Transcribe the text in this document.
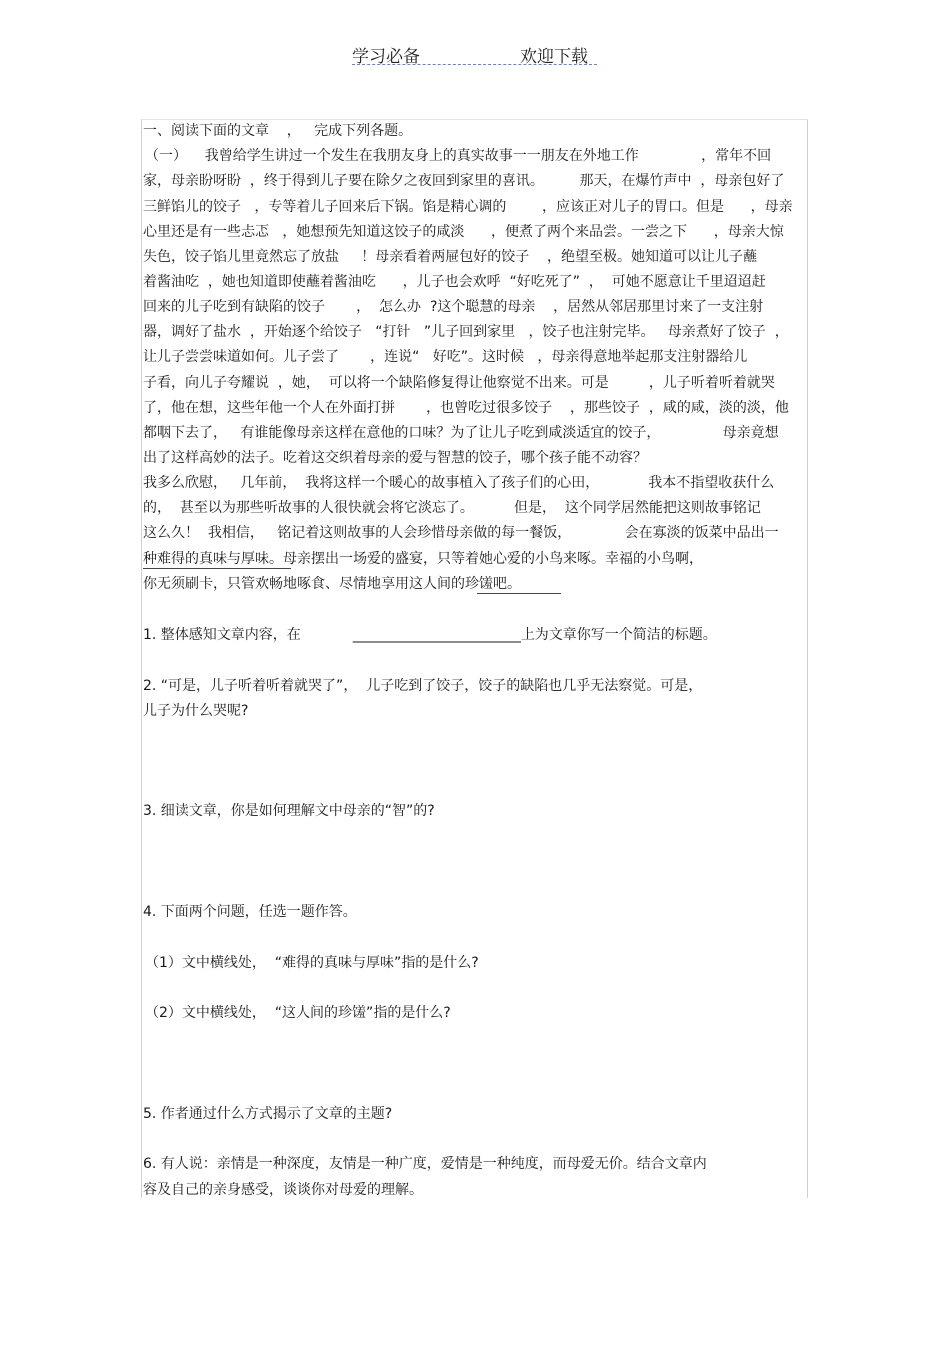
学习必备	欢迎下载
一、阅读下面的文章    ，   完成下列各题。
（一）    我曾给学生讲过一个发生在我朋友身上的真实故事一一朋友在外地工作              ，常年不回
家，母亲盼呀盼  ，终于得到儿子要在除夕之夜回到家里的喜讯。        那天，在爆竹声中  ，母亲包好了
三鲜馅儿的饺子   ，专等着儿子回来后下锅。馅是精心调的        ，应该正对儿子的胃口。但是      ，母亲
心里还是有一些忐忑   ，她想预先知道这饺子的咸淡      ，便煮了两个来品尝。一尝之下      ，母亲大惊
失色，饺子馅儿里竟然忘了放盐     ！母亲看着两屉包好的饺子    ，绝望至极。她知道可以让儿子蘸
着酱油吃  ，她也知道即使蘸着酱油吃      ，儿子也会欢呼  “好吃死了”  ，  可她不愿意让千里迢迢赶
回来的儿子吃到有缺陷的饺子       ，  怎么办  ?这个聪慧的母亲    ，居然从邻居那里讨来了一支注射
器，调好了盐水  ，开始逐个给饺子   “打针   ”儿子回到家里   ，饺子也注射完毕。   母亲煮好了饺子  ，
让儿子尝尝味道如何。儿子尝了       ，连说“   好吃”。这时候   ，母亲得意地举起那支注射器给儿
子看，向儿子夸耀说  ，她，  可以将一个缺陷修复得让他察觉不出来。可是         ，儿子听着听着就哭
了，他在想，这些年他一个人在外面打拼       ，也曾吃过很多饺子    ，那些饺子  ，咸的咸，淡的淡，他
都咽下去了，   有谁能像母亲这样在意他的口味？为了让儿子吃到咸淡适宜的饺子，              母亲竟想
出了这样高妙的法子。吃着这交织着母亲的爱与智慧的饺子，哪个孩子能不动容？
我多么欣慰，   几年前，  我将这样一个暖心的故事植入了孩子们的心田，           我本不指望收获什么
的，  甚至以为那些听故事的人很快就会将它淡忘了。         但是，  这个同学居然能把这则故事铭记
这么久！  我相信，   铭记着这则故事的人会珍惜母亲做的每一餐饭，            会在寡淡的饭菜中品出一
种难得的真味与厚味。母亲摆出一场爱的盛宴，只等着她心爱的小鸟来啄。幸福的小鸟啊，
你无须刷卡，只管欢畅地啄食、尽情地享用这人间的珍馐吧。
1. 整体感知文章内容，在	________________________上为文章你写一个简洁的标题。
2. “可是，儿子听着听着就哭了”，  儿子吃到了饺子，饺子的缺陷也几乎无法察觉。可是，
儿子为什么哭呢?
3. 细读文章，你是如何理解文中母亲的“智”的?
4. 下面两个问题，任选一题作答。
（1）文中横线处，  “难得的真味与厚味”指的是什么?
（2）文中横线处，  “这人间的珍馐”指的是什么?
5. 作者通过什么方式揭示了文章的主题?
6. 有人说：亲情是一种深度，友情是一种广度，爱情是一种纯度，而母爱无价。结合文章内
容及自己的亲身感受，谈谈你对母爱的理解。
